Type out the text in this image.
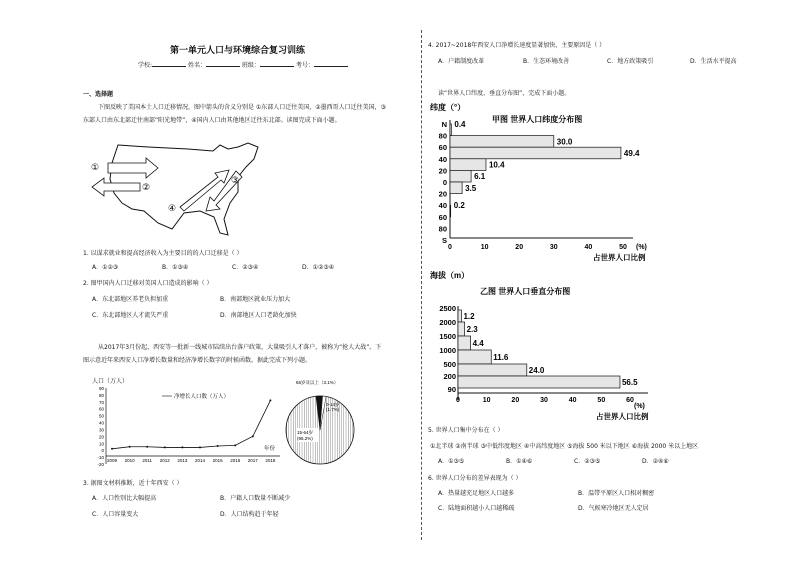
第一单元人口与环境综合复习训练
学校:	姓名：	班级：	考号：
一、选择题
下图反映了美国本土人口迁移情况，图中箭头的含义分别是 ①东部人口迁往美国，②墨西哥人口迁往美国，③
东部人口由东北部迁往南部“阳光地带”，④国内人口由其他地区迁往东北部。读图完成下面小题。
①
②
③
④
1. 以谋求就业和提高经济收入为主要目的的人口迁移是（ ）
A．①②③	B．①③④	C．②③④	D．①②③④
2. 图甲国内人口迁移对美国人口造成的影响（ ）
A．东北部地区养老负担加重	B．南部地区就业压力加大
C．东北部地区人才流失严重	D．南部地区人口老龄化加快
从2017年3月份起，西安等一批新一线城市陆续出台落户政策，大量吸引人才落户，被称为“抢人大战”。下
图示意近年来西安人口净增长数量和经济净增长数字的时候函数。据此完成下列小题。
人口（万人）
90
80
70
60
50
40
30
20
10
0
-10
-20
2009 2010 2011 2012 2013 2014 2015 2016 2017 2018
净增长人口数（万人）
年份
65岁及以上（3.1%）
0-14岁
(1.7%)
15-64岁
(95.2%)
3. 据图文材料推断，近十年西安（ ）
A．人口性别比大幅提高	B．户籍人口数量不断减少
C．人口容量变大	D．人口结构趋于年轻
4. 2017~2018年西安人口净增长速度显著加快，主要原因是（ ）
A．户籍制度改革	B．生态环境改善	C．地方政策吸引	D．生活水平提高
读“世界人口纬度、垂直分布图”，完成下面小题。
纬度（°）
甲图 世界人口纬度分布图
N
80
60
40
20
0
20
40
60
80
S
0.4
30.0
49.4
10.4
6.1
3.5
0.2
0	10	20	30	40	50 (%)
占世界人口比例
海拔（m）
乙图 世界人口垂直分布图
2500
2000
1500
1000
500
200
90
1.2
2.3
4.4
11.6
24.0
56.5
0	10	20	30	40	50	60
(%)
占世界人口比例
5. 世界人口集中分布在（ ）
①北半球 ②南半球 ③中低纬度地区 ④中高纬度地区 ⑤海拔 500 米以下地区 ⑥海拔 2000 米以上地区
A．①③⑤	B．①④⑥	C．②③⑤	D．②④⑥
6. 世界人口分布的差异表现为（ ）
A．热量越充足地区人口越多	B．温带平原区人口相对稠密
C．陆地面积越小人口越稀疏	D．气候寒冷地区无人定居
